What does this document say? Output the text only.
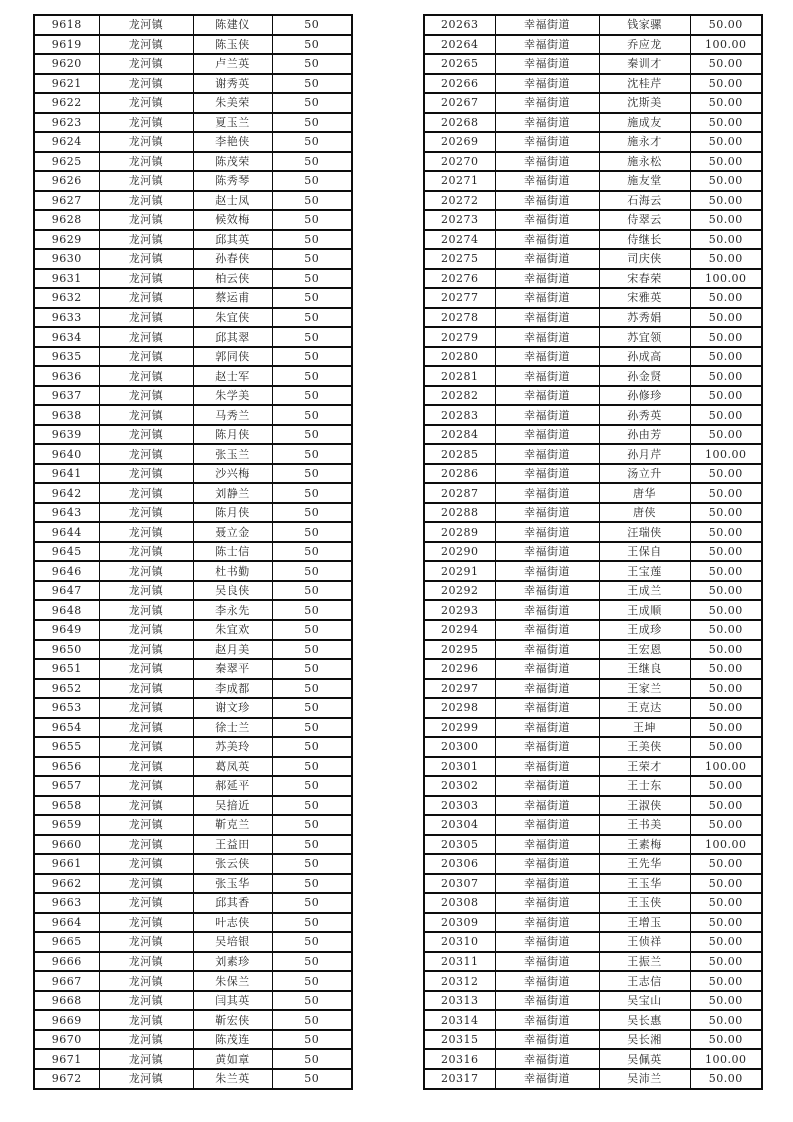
9618	龙河镇	陈建仪	50
9619	龙河镇	陈玉侠	50
9620	龙河镇	卢兰英	50
9621	龙河镇	谢秀英	50
9622	龙河镇	朱美荣	50
9623	龙河镇	夏玉兰	50
9624	龙河镇	李艳侠	50
9625	龙河镇	陈茂荣	50
9626	龙河镇	陈秀琴	50
9627	龙河镇	赵士凤	50
9628	龙河镇	候效梅	50
9629	龙河镇	邱其英	50
9630	龙河镇	孙春侠	50
9631	龙河镇	柏云侠	50
9632	龙河镇	蔡运甫	50
9633	龙河镇	朱宜侠	50
9634	龙河镇	邱其翠	50
9635	龙河镇	郭同侠	50
9636	龙河镇	赵士军	50
9637	龙河镇	朱学美	50
9638	龙河镇	马秀兰	50
9639	龙河镇	陈月侠	50
9640	龙河镇	张玉兰	50
9641	龙河镇	沙兴梅	50
9642	龙河镇	刘静兰	50
9643	龙河镇	陈月侠	50
9644	龙河镇	聂立金	50
9645	龙河镇	陈士信	50
9646	龙河镇	杜书勤	50
9647	龙河镇	吴良侠	50
9648	龙河镇	李永先	50
9649	龙河镇	朱宜欢	50
9650	龙河镇	赵月美	50
9651	龙河镇	秦翠平	50
9652	龙河镇	李成都	50
9653	龙河镇	谢文珍	50
9654	龙河镇	徐士兰	50
9655	龙河镇	苏美玲	50
9656	龙河镇	葛凤英	50
9657	龙河镇	郝延平	50
9658	龙河镇	吴揞近	50
9659	龙河镇	靳克兰	50
9660	龙河镇	王益田	50
9661	龙河镇	张云侠	50
9662	龙河镇	张玉华	50
9663	龙河镇	邱其香	50
9664	龙河镇	叶志侠	50
9665	龙河镇	吴培银	50
9666	龙河镇	刘素珍	50
9667	龙河镇	朱保兰	50
9668	龙河镇	闫其英	50
9669	龙河镇	靳宏侠	50
9670	龙河镇	陈茂连	50
9671	龙河镇	黄如章	50
9672	龙河镇	朱兰英	50
20263	幸福街道	钱家骡	50.00
20264	幸福街道	乔应龙	100.00
20265	幸福街道	秦训才	50.00
20266	幸福街道	沈桂芹	50.00
20267	幸福街道	沈斯美	50.00
20268	幸福街道	施成友	50.00
20269	幸福街道	施永才	50.00
20270	幸福街道	施永松	50.00
20271	幸福街道	施友堂	50.00
20272	幸福街道	石海云	50.00
20273	幸福街道	侍翠云	50.00
20274	幸福街道	侍继长	50.00
20275	幸福街道	司庆侠	50.00
20276	幸福街道	宋春荣	100.00
20277	幸福街道	宋雅英	50.00
20278	幸福街道	苏秀娟	50.00
20279	幸福街道	苏宜领	50.00
20280	幸福街道	孙成高	50.00
20281	幸福街道	孙金贤	50.00
20282	幸福街道	孙修珍	50.00
20283	幸福街道	孙秀英	50.00
20284	幸福街道	孙由芳	50.00
20285	幸福街道	孙月芹	100.00
20286	幸福街道	汤立升	50.00
20287	幸福街道	唐华	50.00
20288	幸福街道	唐侠	50.00
20289	幸福街道	汪瑞侠	50.00
20290	幸福街道	王保自	50.00
20291	幸福街道	王宝莲	50.00
20292	幸福街道	王成兰	50.00
20293	幸福街道	王成顺	50.00
20294	幸福街道	王成珍	50.00
20295	幸福街道	王宏恩	50.00
20296	幸福街道	王继良	50.00
20297	幸福街道	王家兰	50.00
20298	幸福街道	王克达	50.00
20299	幸福街道	王坤	50.00
20300	幸福街道	王美侠	50.00
20301	幸福街道	王荣才	100.00
20302	幸福街道	王士东	50.00
20303	幸福街道	王淑侠	50.00
20304	幸福街道	王书美	50.00
20305	幸福街道	王素梅	100.00
20306	幸福街道	王先华	50.00
20307	幸福街道	王玉华	50.00
20308	幸福街道	王玉侠	50.00
20309	幸福街道	王增玉	50.00
20310	幸福街道	王侦祥	50.00
20311	幸福街道	王振兰	50.00
20312	幸福街道	王志信	50.00
20313	幸福街道	吴宝山	50.00
20314	幸福街道	吴长惠	50.00
20315	幸福街道	吴长湘	50.00
20316	幸福街道	吴佩英	100.00
20317	幸福街道	吴沛兰	50.00
